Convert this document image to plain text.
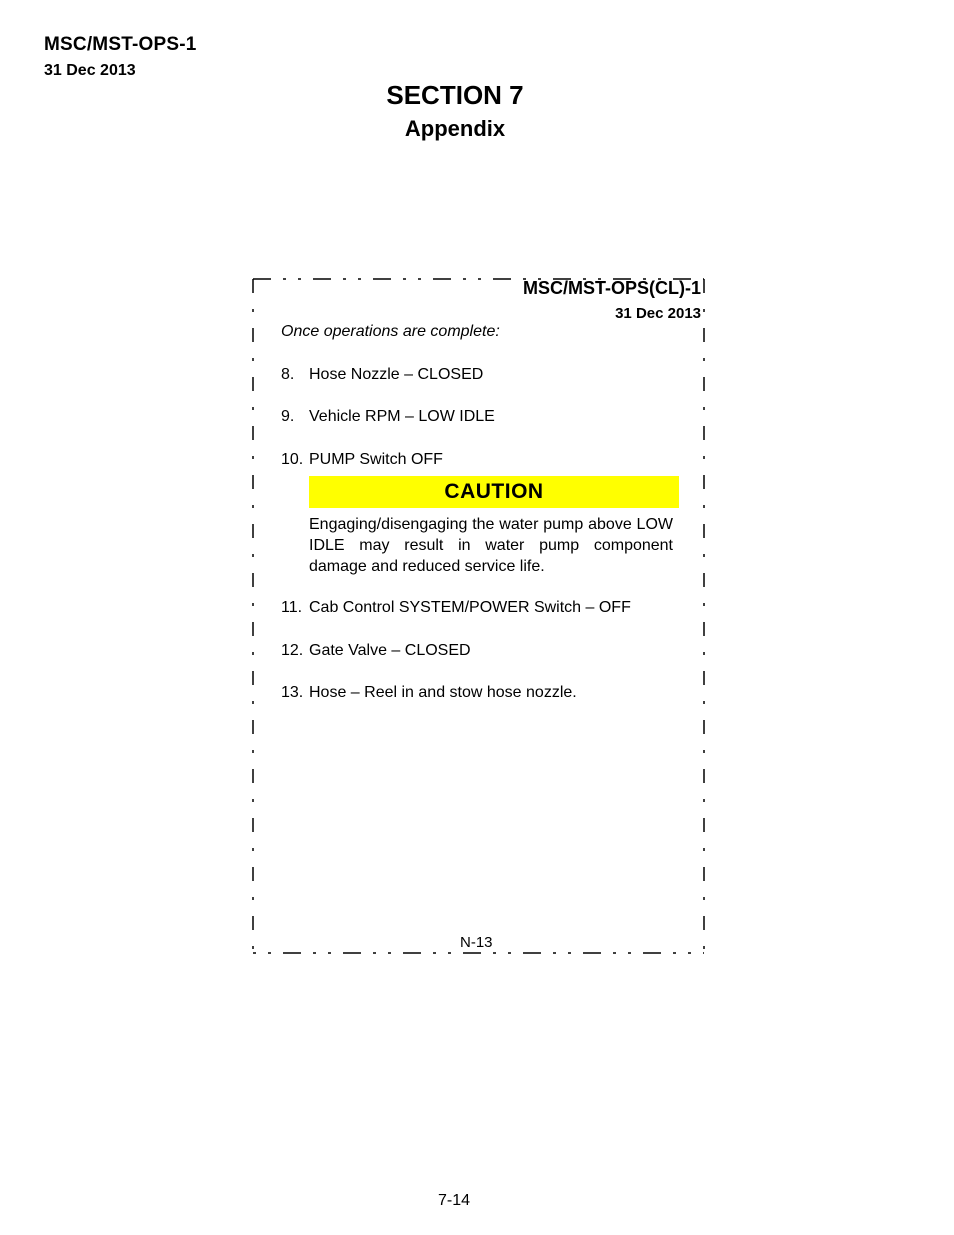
MSC/MST-OPS-1
31 Dec 2013
SECTION 7
Appendix
MSC/MST-OPS(CL)-1
31 Dec 2013
Once operations are complete:
8. Hose Nozzle – CLOSED
9. Vehicle RPM – LOW IDLE
10. PUMP Switch OFF
CAUTION
Engaging/disengaging the water pump above LOW IDLE may result in water pump component damage and reduced service life.
11. Cab Control SYSTEM/POWER Switch – OFF
12. Gate Valve – CLOSED
13. Hose – Reel in and stow hose nozzle.
N-13
7-14
